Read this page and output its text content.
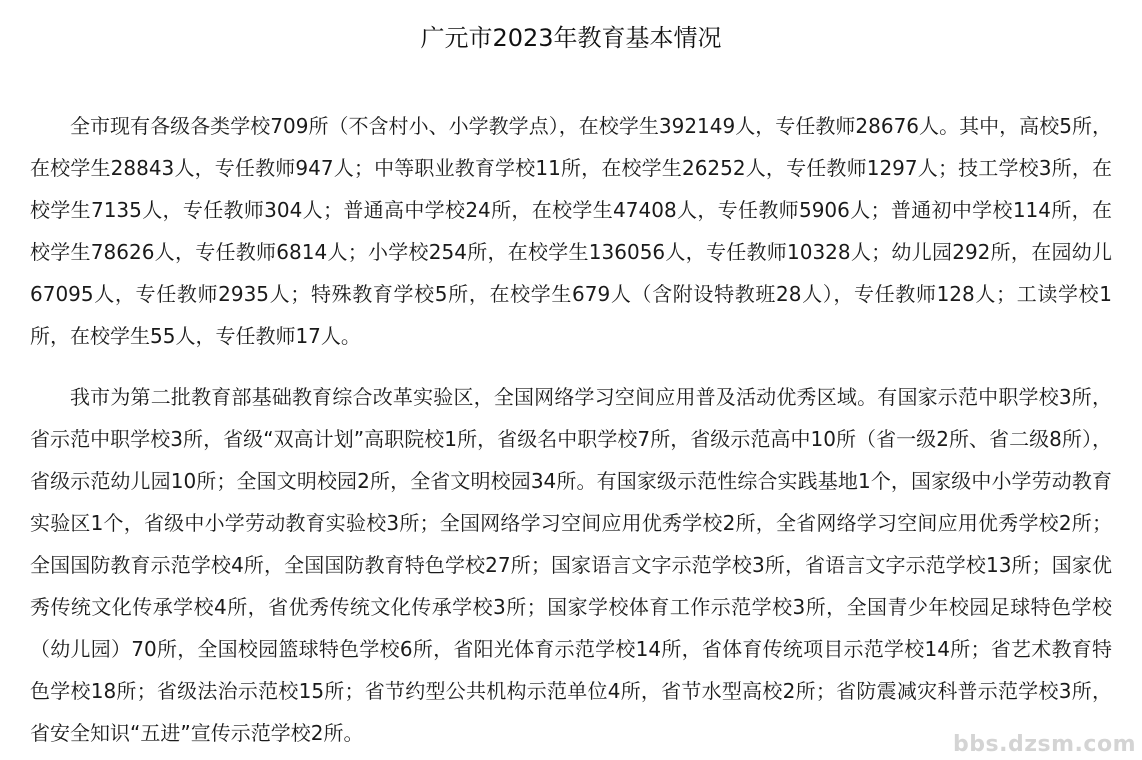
广元市2023年教育基本情况

全市现有各级各类学校709所（不含村小、小学教学点），在校学生392149人，专任教师28676人。其中，高校5所，在校学生28843人，专任教师947人；中等职业教育学校11所，在校学生26252人，专任教师1297人；技工学校3所，在校学生7135人，专任教师304人；普通高中学校24所，在校学生47408人，专任教师5906人；普通初中学校114所，在校学生78626人，专任教师6814人；小学校254所，在校学生136056人，专任教师10328人；幼儿园292所，在园幼儿67095人，专任教师2935人；特殊教育学校5所，在校学生679人（含附设特教班28人），专任教师128人；工读学校1所，在校学生55人，专任教师17人。

我市为第二批教育部基础教育综合改革实验区，全国网络学习空间应用普及活动优秀区域。有国家示范中职学校3所，省示范中职学校3所，省级“双高计划”高职院校1所，省级名中职学校7所，省级示范高中10所（省一级2所、省二级8所），省级示范幼儿园10所；全国文明校园2所，全省文明校园34所。有国家级示范性综合实践基地1个，国家级中小学劳动教育实验区1个，省级中小学劳动教育实验校3所；全国网络学习空间应用优秀学校2所，全省网络学习空间应用优秀学校2所；全国国防教育示范学校4所，全国国防教育特色学校27所；国家语言文字示范学校3所，省语言文字示范学校13所；国家优秀传统文化传承学校4所，省优秀传统文化传承学校3所；国家学校体育工作示范学校3所，全国青少年校园足球特色学校（幼儿园）70所，全国校园篮球特色学校6所，省阳光体育示范学校14所，省体育传统项目示范学校14所；省艺术教育特色学校18所；省级法治示范校15所；省节约型公共机构示范单位4所，省节水型高校2所；省防震减灾科普示范学校3所，省安全知识“五进”宣传示范学校2所。	bbs.dzsm.com
